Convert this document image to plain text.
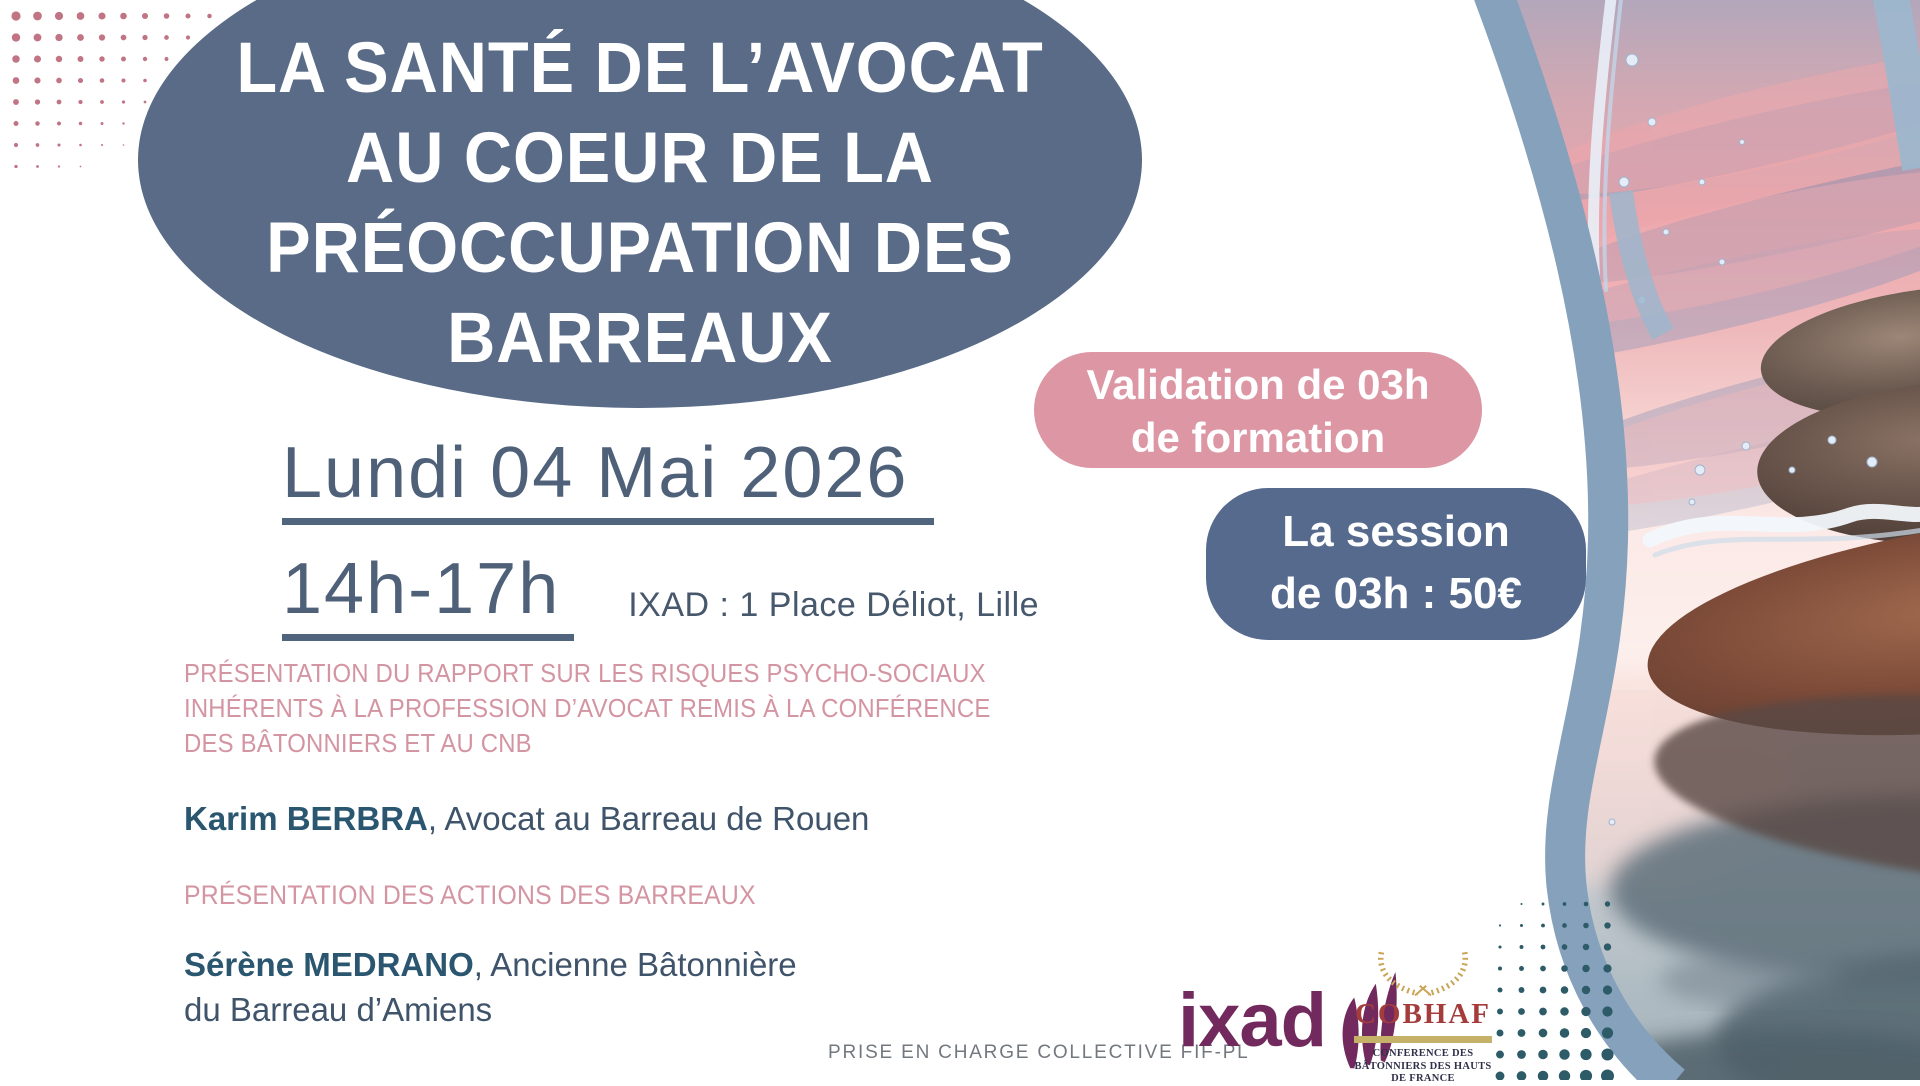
LA SANTÉ DE L’AVOCAT
AU COEUR DE LA
PRÉOCCUPATION DES
BARREAUX
Lundi 04 Mai 2026
14h-17h	IXAD : 1 Place Déliot, Lille
Validation de 03h
de formation
La session
de 03h : 50€
PRÉSENTATION DU RAPPORT SUR LES RISQUES PSYCHO-SOCIAUX
INHÉRENTS À LA PROFESSION D’AVOCAT REMIS À LA CONFÉRENCE
DES BÂTONNIERS ET AU CNB
Karim BERBRA, Avocat au Barreau de Rouen
PRÉSENTATION DES ACTIONS DES BARREAUX
Sérène MEDRANO, Ancienne Bâtonnière
du Barreau d’Amiens
PRISE EN CHARGE COLLECTIVE FIF-PL
ixad COBHAF
CONFERENCE DES
BÂTONNIERS DES HAUTS
DE FRANCE
